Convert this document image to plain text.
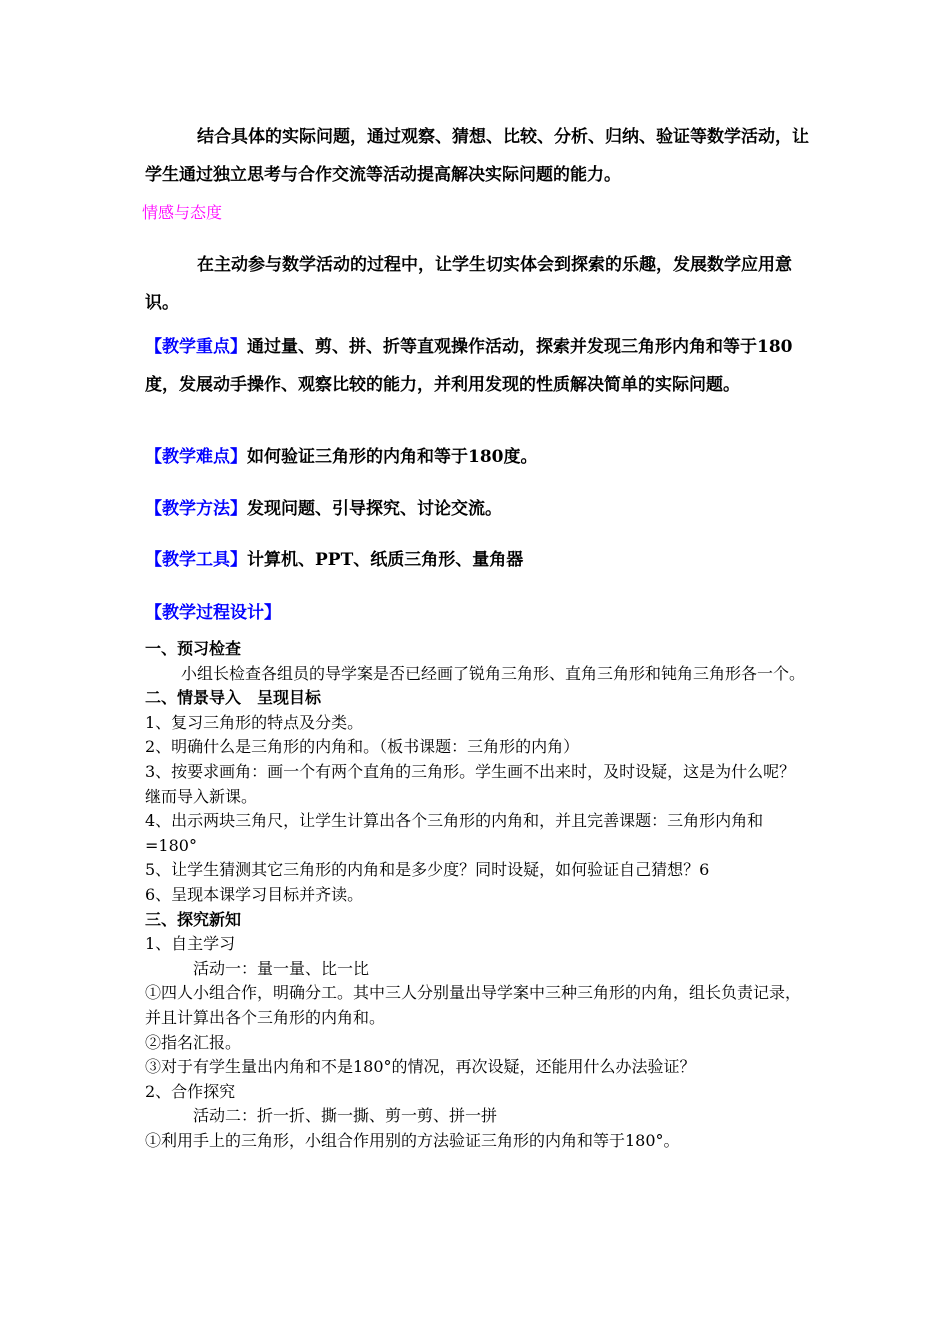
结合具体的实际问题，通过观察、猜想、比较、分析、归纳、验证等数学活动，让学生通过独立思考与合作交流等活动提高解决实际问题的能力。

情感与态度

在主动参与数学活动的过程中，让学生切实体会到探索的乐趣，发展数学应用意识。

【教学重点】通过量、剪、拼、折等直观操作活动，探索并发现三角形内角和等于180度，发展动手操作、观察比较的能力，并利用发现的性质解决简单的实际问题。

【教学难点】如何验证三角形的内角和等于180度。

【教学方法】发现问题、引导探究、讨论交流。

【教学工具】计算机、PPT、纸质三角形、量角器

【教学过程设计】

一、预习检查
小组长检查各组员的导学案是否已经画了锐角三角形、直角三角形和钝角三角形各一个。
二、情景导入　呈现目标
1、复习三角形的特点及分类。
2、明确什么是三角形的内角和。（板书课题：三角形的内角）
3、按要求画角：画一个有两个直角的三角形。学生画不出来时，及时设疑，这是为什么呢？继而导入新课。
4、出示两块三角尺，让学生计算出各个三角形的内角和，并且完善课题：三角形内角和=180°
5、让学生猜测其它三角形的内角和是多少度？同时设疑，如何验证自己猜想？6
6、呈现本课学习目标并齐读。
三、探究新知
1、自主学习
活动一：量一量、比一比
①四人小组合作，明确分工。其中三人分别量出导学案中三种三角形的内角，组长负责记录，并且计算出各个三角形的内角和。
②指名汇报。
③对于有学生量出内角和不是180°的情况，再次设疑，还能用什么办法验证？
2、合作探究
活动二：折一折、撕一撕、剪一剪、拼一拼
①利用手上的三角形，小组合作用别的方法验证三角形的内角和等于180°。
